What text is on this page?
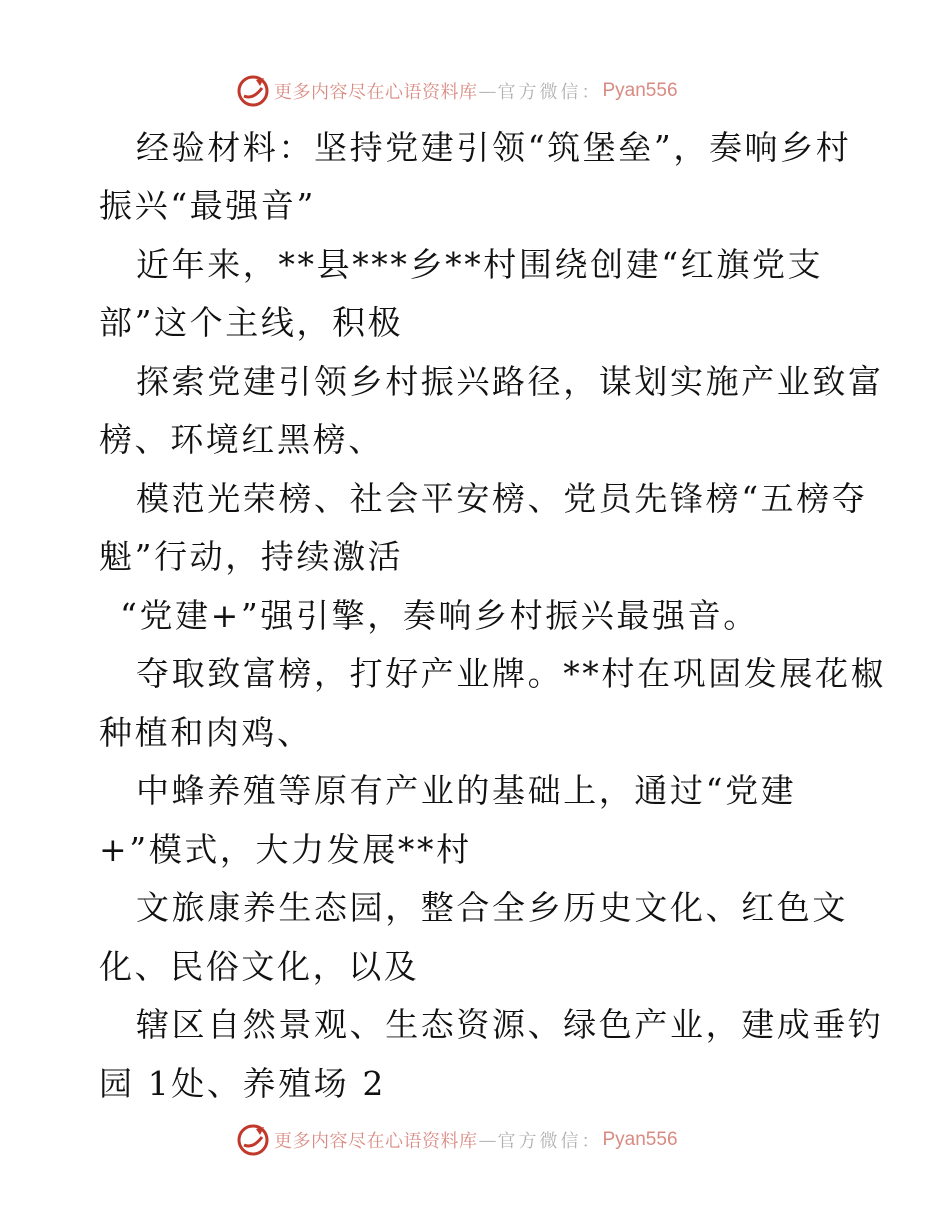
更多内容尽在心语资料库 — 官方微信： Pyan556
经验材料：坚持党建引领“筑堡垒”，奏响乡村
振兴“最强音”
近年来，**县***乡**村围绕创建“红旗党支
部”这个主线，积极
探索党建引领乡村振兴路径，谋划实施产业致富
榜、环境红黑榜、
模范光荣榜、社会平安榜、党员先锋榜“五榜夺
魁”行动，持续激活
“党建+”强引擎，奏响乡村振兴最强音。
夺取致富榜，打好产业牌。**村在巩固发展花椒
种植和肉鸡、
中蜂养殖等原有产业的基础上，通过“党建
+”模式，大力发展**村
文旅康养生态园，整合全乡历史文化、红色文
化、民俗文化，以及
辖区自然景观、生态资源、绿色产业，建成垂钓
园 1处、养殖场 2
更多内容尽在心语资料库 — 官方微信： Pyan556
